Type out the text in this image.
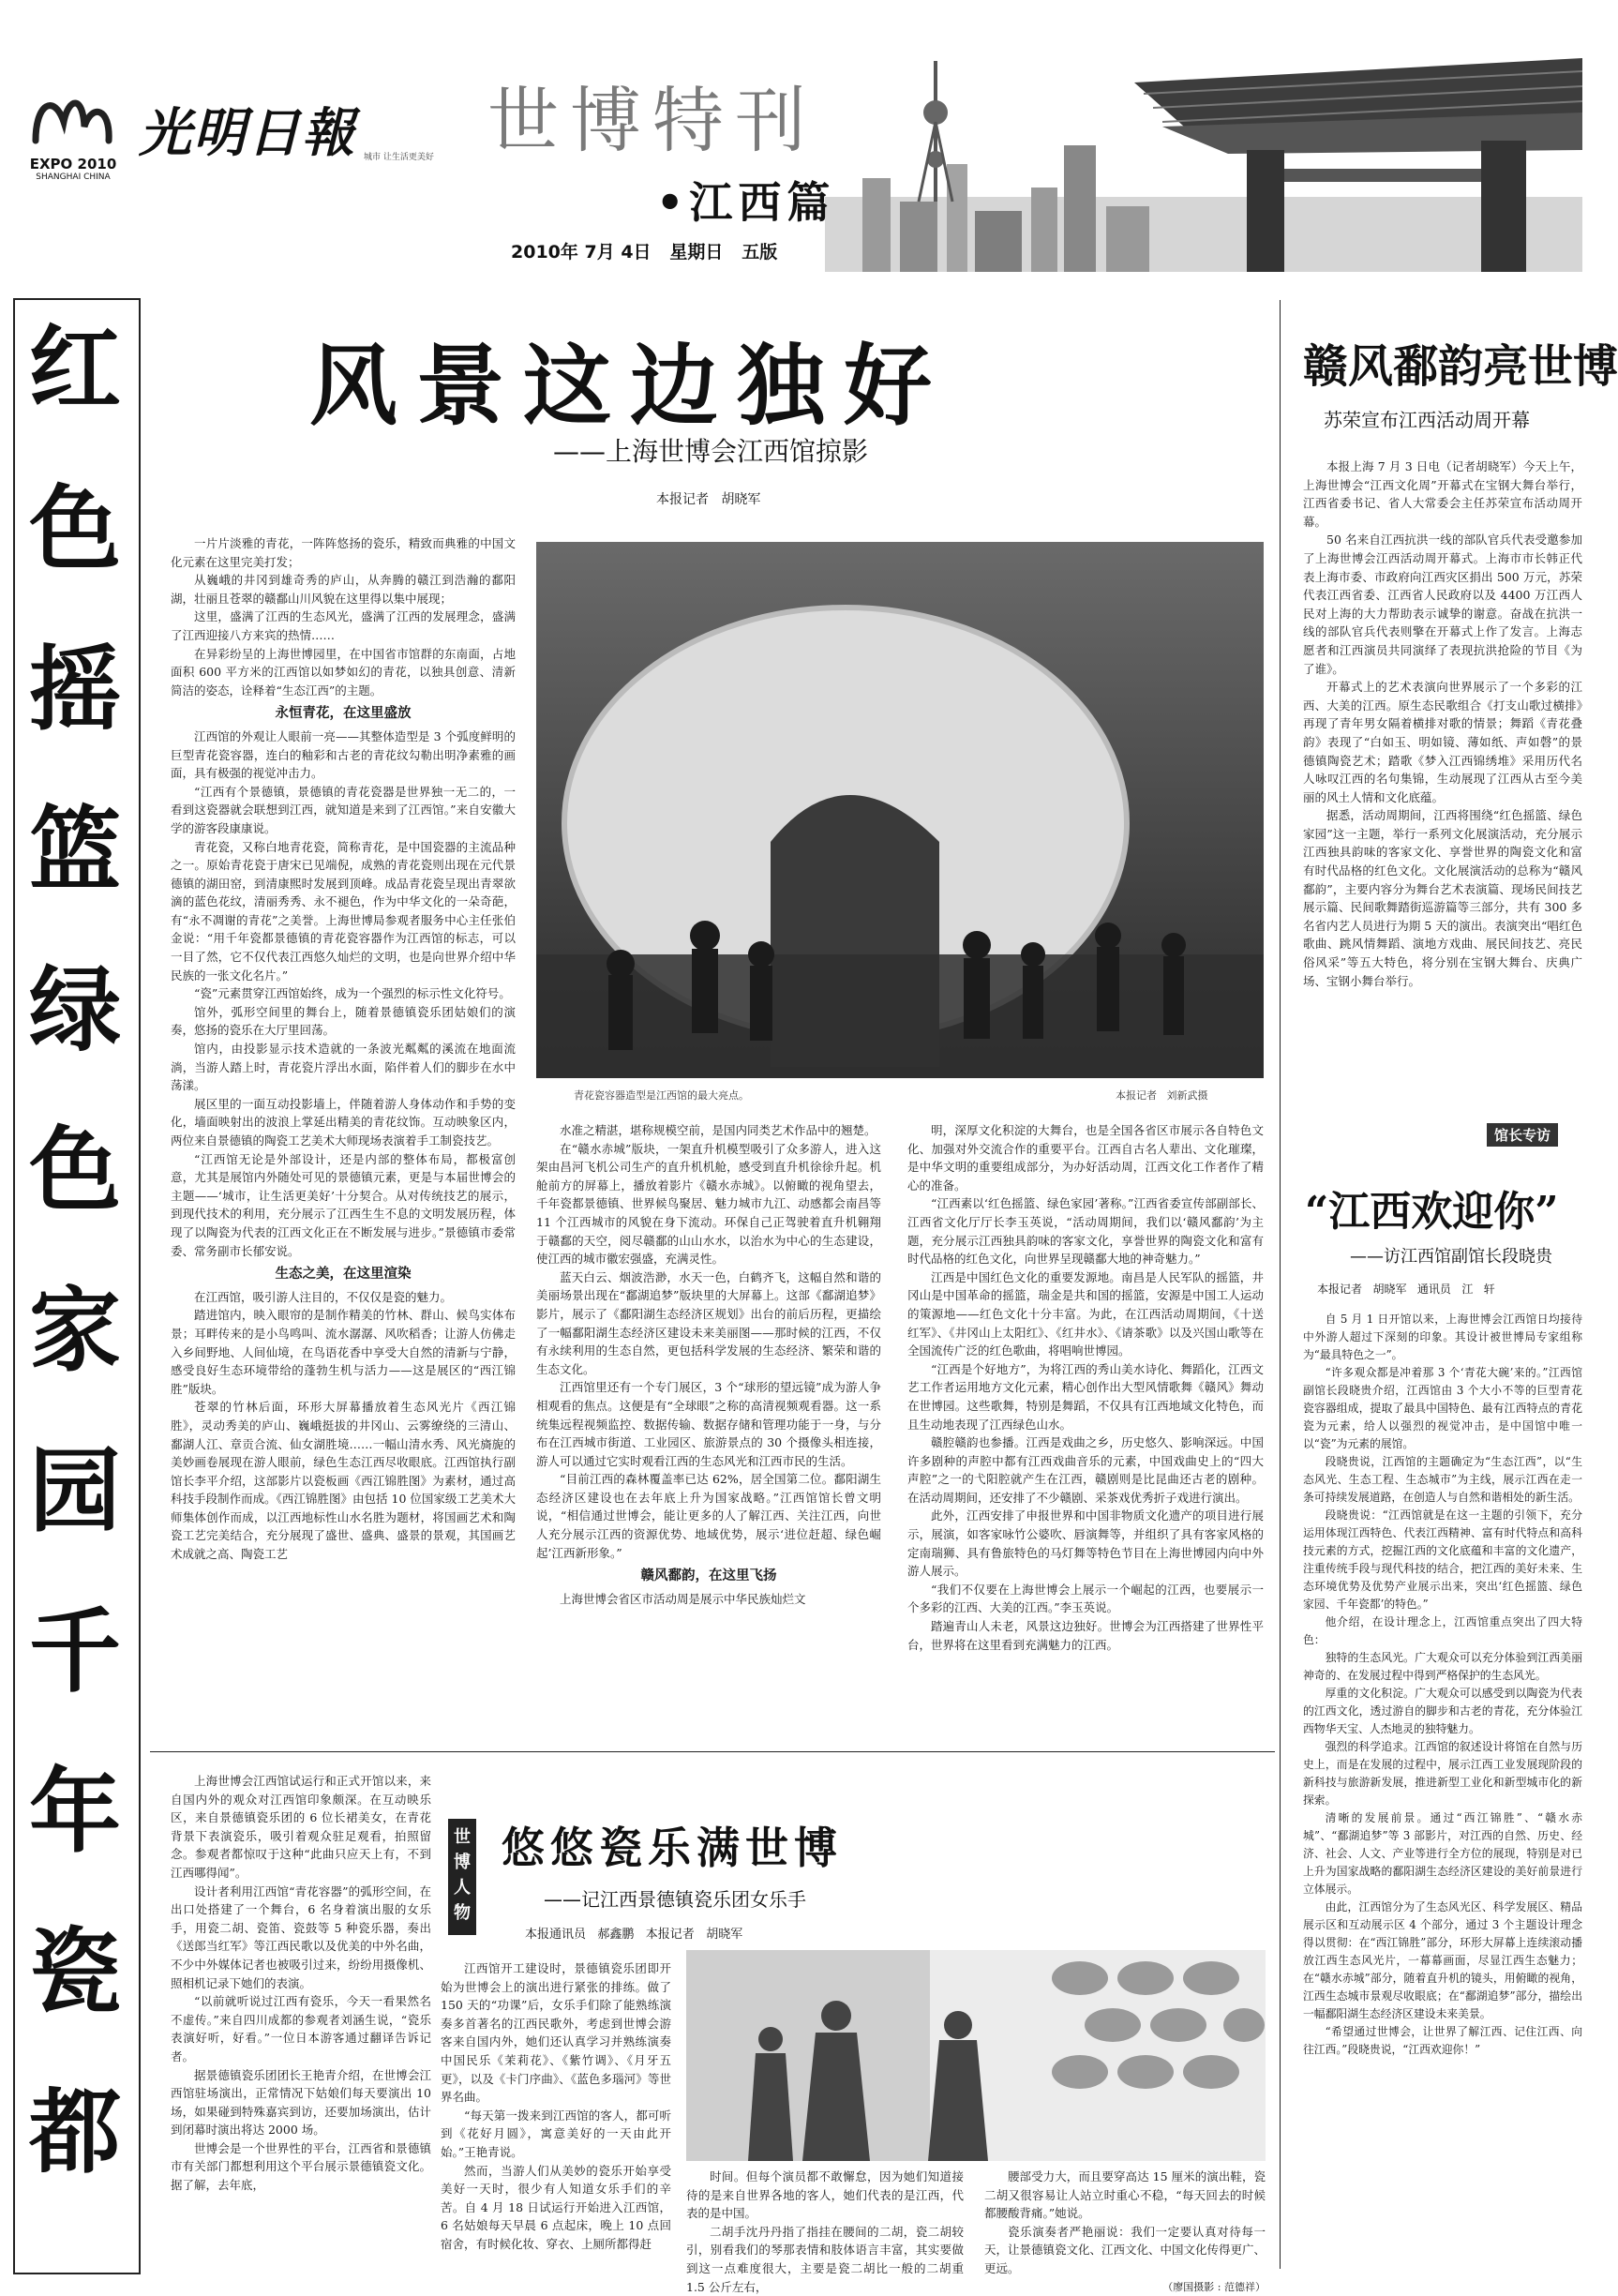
EXPO 2010
SHANGHAI CHINA
光明日報 城市 让生活更美好 世博特刊
•江西篇
2010年 7月 4日   星期日   五版
红
色
摇
篮
绿
色
家
园
千
年
瓷
都
风景这边独好
——上海世博会江西馆掠影
本报记者   胡晓军

一片片淡雅的青花，一阵阵悠扬的瓷乐，精致而典雅的中国文化元素在这里完美打发；

从巍峨的井冈到雄奇秀的庐山，从奔腾的赣江到浩瀚的鄱阳湖，壮丽且苍翠的赣鄱山川风貌在这里得以集中展现；

这里，盛满了江西的生态风光，盛满了江西的发展理念，盛满了江西迎接八方来宾的热情……

在异彩纷呈的上海世博园里，在中国省市馆群的东南面，占地面积 600 平方米的江西馆以如梦如幻的青花，以独具创意、清新简洁的姿态，诠释着“生态江西”的主题。

永恒青花，在这里盛放

江西馆的外观让人眼前一亮——其整体造型是 3 个弧度鲜明的巨型青花瓷容器，连白的釉彩和古老的青花纹勾勒出明净素雅的画面，具有极强的视觉冲击力。

“江西有个景德镇，景德镇的青花瓷器是世界独一无二的，一看到这瓷器就会联想到江西，就知道是来到了江西馆。”来自安徽大学的游客段康康说。

青花瓷，又称白地青花瓷，简称青花，是中国瓷器的主流品种之一。原始青花瓷于唐宋已见端倪，成熟的青花瓷则出现在元代景德镇的湖田窑，到清康熙时发展到顶峰。成品青花瓷呈现出青翠欲滴的蓝色花纹，清丽秀秀、永不褪色，作为中华文化的一朵奇葩，有“永不凋谢的青花”之美誉。上海世博局参观者服务中心主任张伯金说：“用千年瓷都景德镇的青花瓷容器作为江西馆的标志，可以一目了然，它不仅代表江西悠久灿烂的文明，也是向世界介绍中华民族的一张文化名片。”

“瓷”元素贯穿江西馆始终，成为一个强烈的标示性文化符号。

馆外，弧形空间里的舞台上，随着景德镇瓷乐团姑娘们的演奏，悠扬的瓷乐在大厅里回荡。

馆内，由投影显示技术造就的一条波光粼粼的溪流在地面流淌，当游人踏上时，青花瓷片浮出水面，陷伴着人们的脚步在水中荡漾。

展区里的一面互动投影墙上，伴随着游人身体动作和手势的变化，墙面映射出的波浪上掌延出精美的青花纹饰。互动映象区内，两位来自景德镇的陶瓷工艺美术大师现场表演着手工制瓷技艺。

“江西馆无论是外部设计，还是内部的整体布局，都极富创意，尤其是展馆内外随处可见的景德镇元素，更是与本届世博会的主题——‘城市，让生活更美好’十分契合。从对传统技艺的展示，到现代技术的利用，充分展示了江西生生不息的文明发展历程，体现了以陶瓷为代表的江西文化正在不断发展与进步。”景德镇市委常委、常务副市长郁安说。

生态之美，在这里渲染

在江西馆，吸引游人注目的，不仅仅是瓷的魅力。

踏进馆内，映入眼帘的是制作精美的竹林、群山、候鸟实体布景；耳畔传来的是小鸟鸣叫、流水潺潺、风吹稻香；让游人仿佛走入乡间野地、人间仙境，在鸟语花香中享受大自然的清新与宁静，感受良好生态环境带给的蓬勃生机与活力——这是展区的“西江锦胜”版块。

苍翠的竹林后面，环形大屏幕播放着生态风光片《西江锦胜》，灵动秀美的庐山、巍峨挺拔的井冈山、云雾缭绕的三清山、鄱湖人江、章贡合流、仙女湖胜境……一幅山清水秀、风光旖旎的美妙画卷展现在游人眼前，绿色生态江西尽收眼底。江西馆执行副馆长李平介绍，这部影片以瓷板画《西江锦胜图》为素材，通过高科技手段制作而成。《西江锦胜图》由包括 10 位国家级工艺美术大师集体创作而成，以江西地标性山水名胜为题材，将国画艺术和陶瓷工艺完美结合，充分展现了盛世、盛典、盛景的景观，其国画艺术成就之高、陶瓷工艺

青花瓷容器造型是江西馆的最大亮点。	本报记者   刘新武摄

水准之精湛，堪称规模空前，是国内同类艺术作品中的翘楚。

在“赣水赤城”版块，一架直升机模型吸引了众多游人，进入这架由昌河飞机公司生产的直升机机舱，感受到直升机徐徐升起。机舱前方的屏幕上，播放着影片《赣水赤城》。以俯瞰的视角望去，千年瓷都景德镇、世界候鸟聚居、魅力城市九江、动感都会南昌等 11 个江西城市的风貌在身下流动。环保自己正驾驶着直升机翱翔于赣鄱的天空，阅尽赣鄱的山山水水，以治水为中心的生态建设，使江西的城市徽宏强盛，充满灵性。

蓝天白云、烟波浩渺，水天一色，白鹤齐飞，这幅自然和谐的美丽场景出现在“鄱湖追梦”版块里的大屏幕上。这部《鄱湖追梦》影片，展示了《鄱阳湖生态经济区规划》出台的前后历程，更描绘了一幅鄱阳湖生态经济区建设未来美丽图——那时候的江西，不仅有永续利用的生态自然，更包括科学发展的生态经济、繁荣和谐的生态文化。

江西馆里还有一个专门展区，3 个“球形的望远镜”成为游人争相观看的焦点。这便是有“全球眼”之称的高清视频观看器。这一系统集远程视频监控、数据传输、数据存储和管理功能于一身，与分布在江西城市街道、工业园区、旅游景点的 30 个摄像头相连接，游人可以通过它实时观看江西的生态风光和江西市民的生活。

“目前江西的森林覆盖率已达 62%，居全国第二位。鄱阳湖生态经济区建设也在去年底上升为国家战略。”江西馆馆长曾文明说，“相信通过世博会，能让更多的人了解江西、关注江西，向世人充分展示江西的资源优势、地域优势，展示‘进位赶超、绿色崛起’江西新形象。”

赣风鄱韵，在这里飞扬

上海世博会省区市活动周是展示中华民族灿烂文

明，深厚文化积淀的大舞台，也是全国各省区市展示各自特色文化、加强对外交流合作的重要平台。江西自古名人辈出、文化璀璨，是中华文明的重要组成部分，为办好活动周，江西文化工作者作了精心的准备。

“江西素以‘红色摇篮、绿色家园’著称。”江西省委宣传部副部长、江西省文化厅厅长李玉英说，“活动周期间，我们以‘赣风鄱韵’为主题，充分展示江西独具韵味的客家文化，享誉世界的陶瓷文化和富有时代品格的红色文化，向世界呈现赣鄱大地的神奇魅力。”

江西是中国红色文化的重要发源地。南昌是人民军队的摇篮，井冈山是中国革命的摇篮，瑞金是共和国的摇篮，安源是中国工人运动的策源地——红色文化十分丰富。为此，在江西活动周期间，《十送红军》、《井冈山上太阳红》、《红井水》、《请茶歌》以及兴国山歌等在全国流传广泛的红色歌曲，将唱响世博园。

“江西是个好地方”，为将江西的秀山美水诗化、舞蹈化，江西文艺工作者运用地方文化元素，精心创作出大型风情歌舞《赣风》舞动在世博园。这些歌舞，特别是舞蹈，不仅具有江西地域文化特色，而且生动地表现了江西绿色山水。

赣腔赣韵也参播。江西是戏曲之乡，历史悠久、影响深远。中国许多剧种的声腔中都有江西戏曲音乐的元素，中国戏曲史上的“四大声腔”之一的弋阳腔就产生在江西，赣剧则是比昆曲还古老的剧种。在活动周期间，还安排了不少赣剧、采茶戏优秀折子戏进行演出。

此外，江西安排了申报世界和中国非物质文化遗产的项目进行展示，展演，如客家咏竹公婆吹、唇演舞等，并组织了具有客家风格的定南瑞狮、具有鲁旅特色的马灯舞等特色节目在上海世博园内向中外游人展示。

“我们不仅要在上海世博会上展示一个崛起的江西，也要展示一个多彩的江西、大美的江西。”李玉英说。

踏遍青山人未老，风景这边独好。世博会为江西搭建了世界性平台，世界将在这里看到充满魅力的江西。

赣风鄱韵亮世博
苏荣宣布江西活动周开幕

本报上海 7 月 3 日电（记者胡晓军）今天上午，上海世博会“江西文化周”开幕式在宝钢大舞台举行，江西省委书记、省人大常委会主任苏荣宣布活动周开幕。

50 名来自江西抗洪一线的部队官兵代表受邀参加了上海世博会江西活动周开幕式。上海市市长韩正代表上海市委、市政府向江西灾区捐出 500 万元，苏荣代表江西省委、江西省人民政府以及 4400 万江西人民对上海的大力帮助表示诚挚的谢意。奋战在抗洪一线的部队官兵代表则擎在开幕式上作了发言。上海志愿者和江西演员共同演绎了表现抗洪抢险的节目《为了谁》。

开幕式上的艺术表演向世界展示了一个多彩的江西、大美的江西。原生态民歌组合《打支山歌过横排》再现了青年男女隔着横排对歌的情景；舞蹈《青花叠韵》表现了“白如玉、明如镜、薄如纸、声如磬”的景德镇陶瓷艺术；踏歌《梦入江西锦绣堆》采用历代名人咏叹江西的名句集锦，生动展现了江西从古至今美丽的风土人情和文化底蕴。

据悉，活动周期间，江西将围绕“红色摇篮、绿色家园”这一主题，举行一系列文化展演活动，充分展示江西独具韵味的客家文化、享誉世界的陶瓷文化和富有时代品格的红色文化。文化展演活动的总称为“赣风鄱韵”，主要内容分为舞台艺术表演篇、现场民间技艺展示篇、民间歌舞踏街巡游篇等三部分，共有 300 多名省内艺人员进行为期 5 天的演出。表演突出“唱红色歌曲、跳风情舞蹈、演地方戏曲、展民间技艺、亮民俗风采”等五大特色，将分别在宝钢大舞台、庆典广场、宝钢小舞台举行。

馆长专访
“江西欢迎你”
——访江西馆副馆长段晓贵
本报记者   胡晓军   通讯员   江   轩

自 5 月 1 日开馆以来，上海世博会江西馆日均接待中外游人超过下深刻的印象。其设计被世博局专家组称为“最具特色之一”。

“许多观众都是冲着那 3 个‘青花大碗’来的。”江西馆副馆长段晓贵介绍，江西馆由 3 个大小不等的巨型青花瓷容器组成，提取了最具中国特色、最有江西特点的青花瓷为元素，给人以强烈的视觉冲击，是中国馆中唯一以“瓷”为元素的展馆。

段晓贵说，江西馆的主题确定为“生态江西”，以“生态风光、生态工程、生态城市”为主线，展示江西在走一条可持续发展道路，在创造人与自然和谐相处的新生活。

段晓贵说：“江西馆就是在这一主题的引领下，充分运用体现江西特色、代表江西精神、富有时代特点和高科技元素的方式，挖掘江西的文化底蕴和丰富的文化遗产，注重传统手段与现代科技的结合，把江西的美好未来、生态环境优势及优势产业展示出来，突出‘红色摇篮、绿色家园、千年瓷都’的特色。”

他介绍，在设计理念上，江西馆重点突出了四大特色：

独特的生态风光。广大观众可以充分体验到江西美丽神奇的、在发展过程中得到严格保护的生态风光。

厚重的文化积淀。广大观众可以感受到以陶瓷为代表的江西文化，透过游自的脚步和古老的青花，充分体验江西物华天宝、人杰地灵的独特魅力。

强烈的科学追求。江西馆的叙述设计将馆在自然与历史上，而是在发展的过程中，展示江西工业发展现阶段的新科技与旅游新发展，推进新型工业化和新型城市化的新探索。

清晰的发展前景。通过“西江锦胜”、“赣水赤城”、“鄱湖追梦”等 3 部影片，对江西的自然、历史、经济、社会、人文、产业等进行全方位的展现，特别是对已上升为国家战略的鄱阳湖生态经济区建设的美好前景进行立体展示。

由此，江西馆分为了生态风光区、科学发展区、精品展示区和互动展示区 4 个部分，通过 3 个主题设计理念得以贯彻：在“西江锦胜”部分，环形大屏幕上连续滚动播放江西生态风光片，一幕幕画面，尽显江西生态魅力；在“赣水赤城”部分，随着直升机的镜头，用俯瞰的视角，江西生态城市景观尽收眼底；在“鄱湖追梦”部分，描绘出一幅鄱阳湖生态经济区建设未来美景。

“希望通过世博会，让世界了解江西、记住江西、向往江西。”段晓贵说，“江西欢迎你！”

上海世博会江西馆试运行和正式开馆以来，来自国内外的观众对江西馆印象颇深。在互动映乐区，来自景德镇瓷乐团的 6 位长裙美女，在青花背景下表演瓷乐，吸引着观众驻足观看，拍照留念。参观者都惊叹于这种“此曲只应天上有，不到江西哪得闻”。

设计者利用江西馆“青花容器”的弧形空间，在出口处搭建了一个舞台，6 名身着演出服的女乐手，用瓷二胡、瓷笛、瓷鼓等 5 种瓷乐器，奏出《送郎当红军》等江西民歌以及优美的中外名曲，不少中外媒体记者也被吸引过来，纷纷用摄像机、照相机记录下她们的表演。

“以前就听说过江西有瓷乐，今天一看果然名不虚传。”来自四川成都的参观者刘涵生说，“瓷乐表演好听，好看。”一位日本游客通过翻译告诉记者。

据景德镇瓷乐团团长王艳青介绍，在世博会江西馆驻场演出，正常情况下姑娘们每天要演出 10 场，如果碰到特殊嘉宾到访，还要加场演出，估计到闭幕时演出将达 2000 场。

世博会是一个世界性的平台，江西省和景德镇市有关部门都想利用这个平台展示景德镇瓷文化。据了解，去年底，

世博人物
悠悠瓷乐满世博
——记江西景德镇瓷乐团女乐手
本报通讯员   郝鑫鹏   本报记者   胡晓军

江西馆开工建设时，景德镇瓷乐团即开始为世博会上的演出进行紧张的排练。做了 150 天的“功课”后，女乐手们除了能熟练演奏多首著名的江西民歌外，考虑到世博会游客来自国内外，她们还认真学习并熟练演奏中国民乐《茉莉花》、《紫竹调》、《月牙五更》，以及《卡门序曲》、《蓝色多瑙河》等世界名曲。

“每天第一拨来到江西馆的客人，都可听到《花好月圆》，寓意美好的一天由此开始。”王艳青说。

然而，当游人们从美妙的瓷乐开始享受美好一天时，很少有人知道女乐手们的辛苦。自 4 月 18 日试运行开始进入江西馆，6 名姑娘每天早晨 6 点起床，晚上 10 点回宿舍，有时候化妆、穿衣、上厕所都得赶

时间。但每个演员都不敢懈怠，因为她们知道接待的是来自世界各地的客人，她们代表的是江西，代表的是中国。

二胡手沈丹丹指了指挂在腰间的二胡，瓷二胡较引，别看我们的琴那表情和肢体语言丰富，其实要做到这一点难度很大，主要是瓷二胡比一般的二胡重 1.5 公斤左右，

腰部受力大，而且要穿高达 15 厘米的演出鞋，瓷二胡又很容易让人站立时重心不稳，“每天回去的时候都腰酸背痛。”她说。

瓷乐演奏者严艳丽说：我们一定要认真对待每一天，让景德镇瓷文化、江西文化、中国文化传得更广、更远。

（廖国摄影 : 范德祥）
